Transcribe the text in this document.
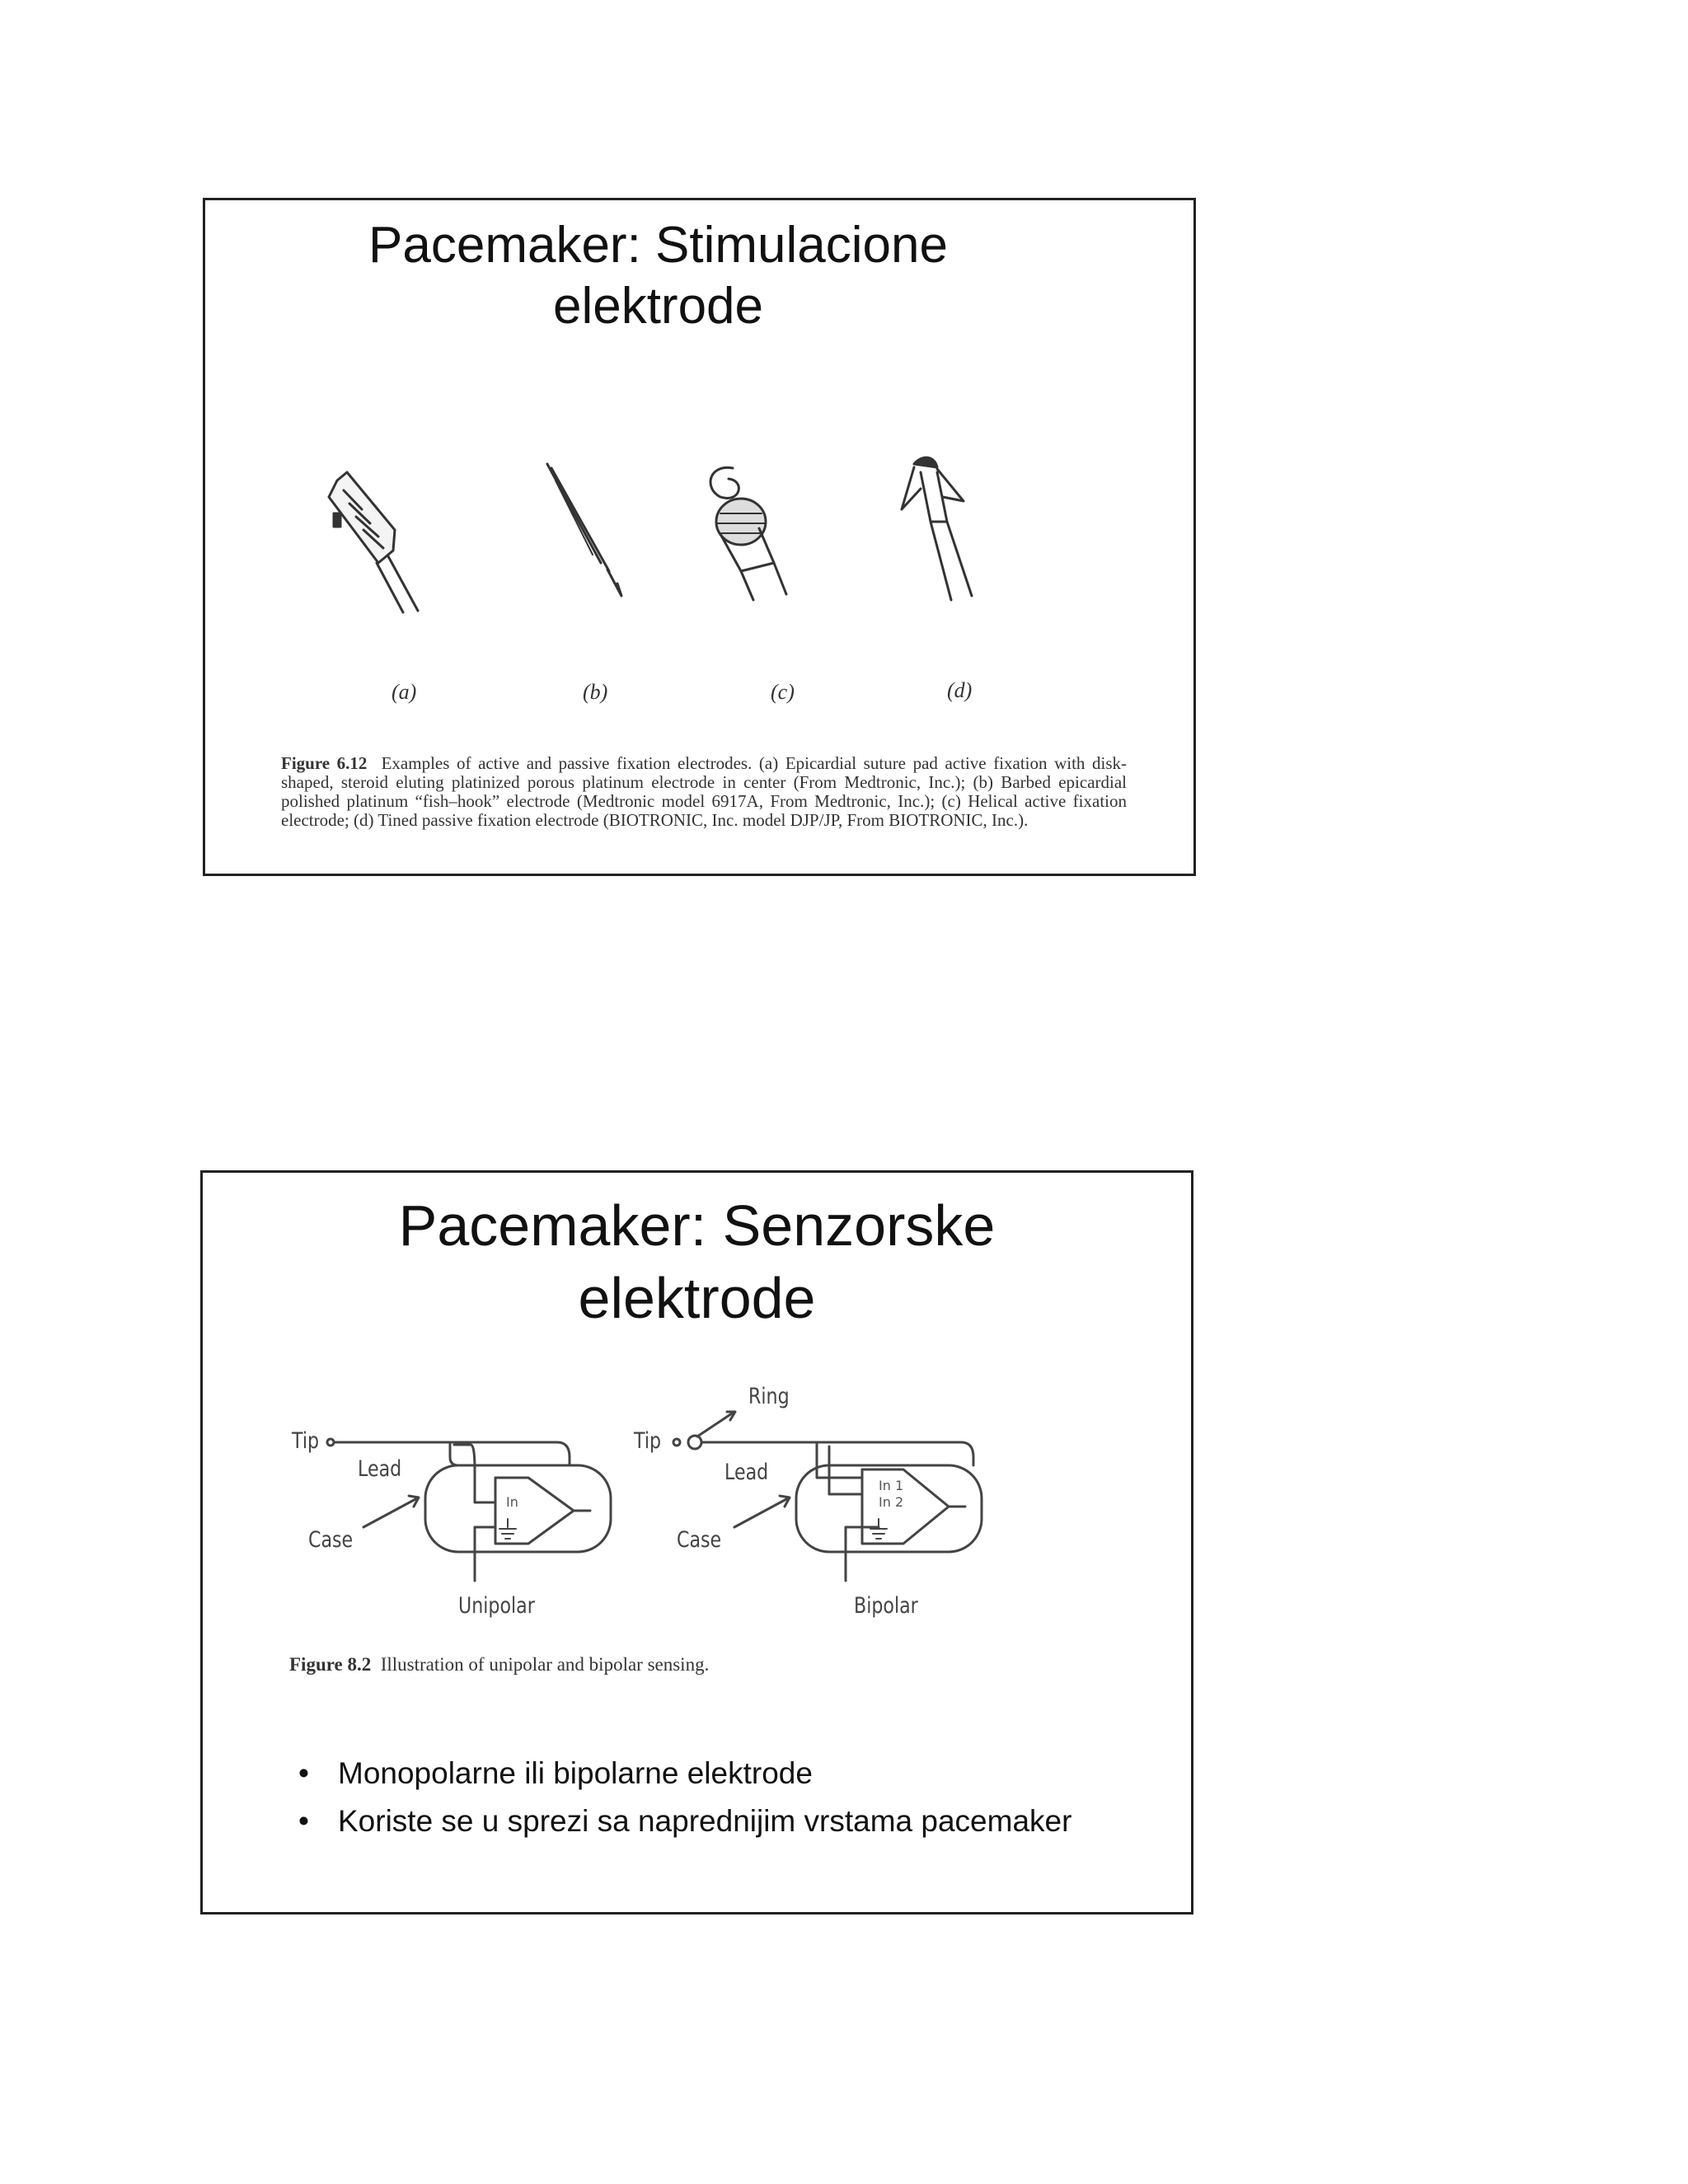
Pacemaker: Stimulacione
elektrode
(a)	(b)	(c)	(d)
Figure 6.12 Examples of active and passive fixation electrodes. (a) Epicardial suture pad active fixation with disk-shaped, steroid eluting platinized porous platinum electrode in center (From Medtronic, Inc.); (b) Barbed epicardial polished platinum “fish–hook” electrode (Medtronic model 6917A, From Medtronic, Inc.); (c) Helical active fixation electrode; (d) Tined passive fixation electrode (BIOTRONIC, Inc. model DJP/JP, From BIOTRONIC, Inc.).
Pacemaker: Senzorske
elektrode
Tip
Lead
Case
In
Unipolar
Tip
Ring
Lead
Case
In 1
In 2
Bipolar
Figure 8.2 Illustration of unipolar and bipolar sensing.
• Monopolarne ili bipolarne elektrode
• Koriste se u sprezi sa naprednijim vrstama pacemaker
